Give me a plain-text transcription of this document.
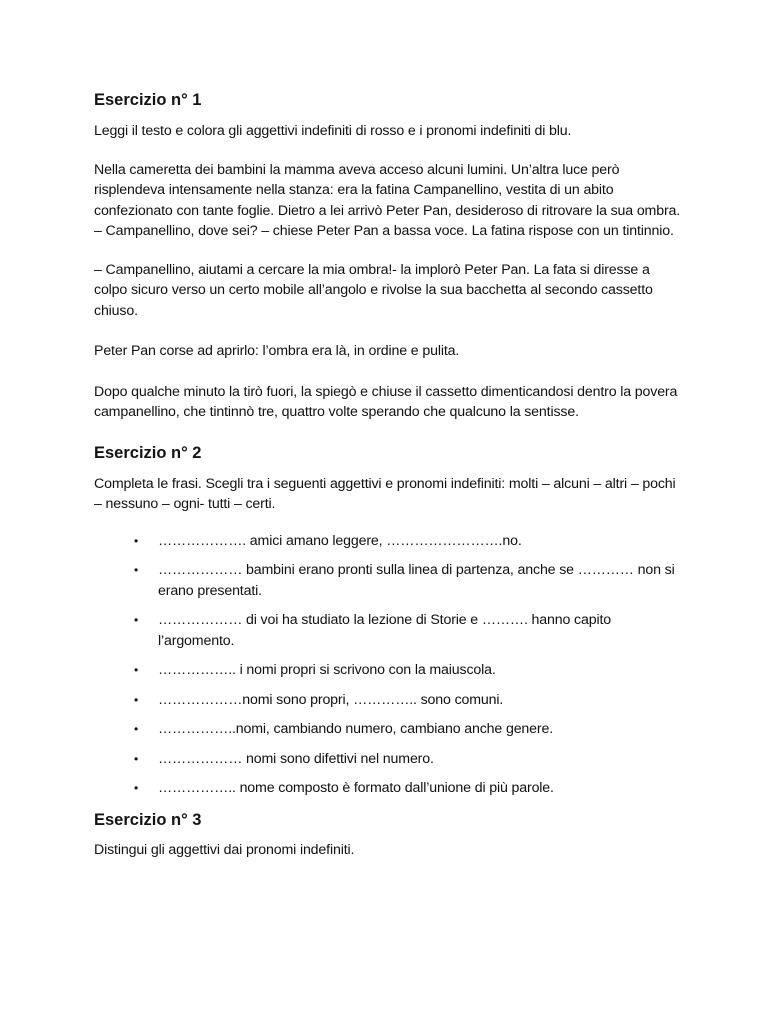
Esercizio n° 1

Leggi il testo e colora gli aggettivi indefiniti di rosso e i pronomi indefiniti di blu.

Nella cameretta dei bambini la mamma aveva acceso alcuni lumini. Un’altra luce però risplendeva intensamente nella stanza: era la fatina Campanellino, vestita di un abito confezionato con tante foglie. Dietro a lei arrivò Peter Pan, desideroso di ritrovare la sua ombra. – Campanellino, dove sei? – chiese Peter Pan a bassa voce. La fatina rispose con un tintinnio.

– Campanellino, aiutami a cercare la mia ombra!- la implorò Peter Pan. La fata si diresse a colpo sicuro verso un certo mobile all’angolo e rivolse la sua bacchetta al secondo cassetto chiuso.

Peter Pan corse ad aprirlo: l’ombra era là, in ordine e pulita.

Dopo qualche minuto la tirò fuori, la spiegò e chiuse il cassetto dimenticandosi dentro la povera campanellino, che tintinnò tre, quattro volte sperando che qualcuno la sentisse.

Esercizio n° 2

Completa le frasi. Scegli tra i seguenti aggettivi e pronomi indefiniti: molti – alcuni – altri – pochi – nessuno – ogni- tutti – certi.

• ………………. amici amano leggere, …………………….no.
• ……………… bambini erano pronti sulla linea di partenza, anche se ………… non si erano presentati.
• ……………… di voi ha studiato la lezione di Storie e ………. hanno capito l’argomento.
• …………….. i nomi propri si scrivono con la maiuscola.
• ………………nomi sono propri, ………….. sono comuni.
• ……………..nomi, cambiando numero, cambiano anche genere.
• ……………… nomi sono difettivi nel numero.
• …………….. nome composto è formato dall’unione di più parole.
Esercizio n° 3

Distingui gli aggettivi dai pronomi indefiniti.
